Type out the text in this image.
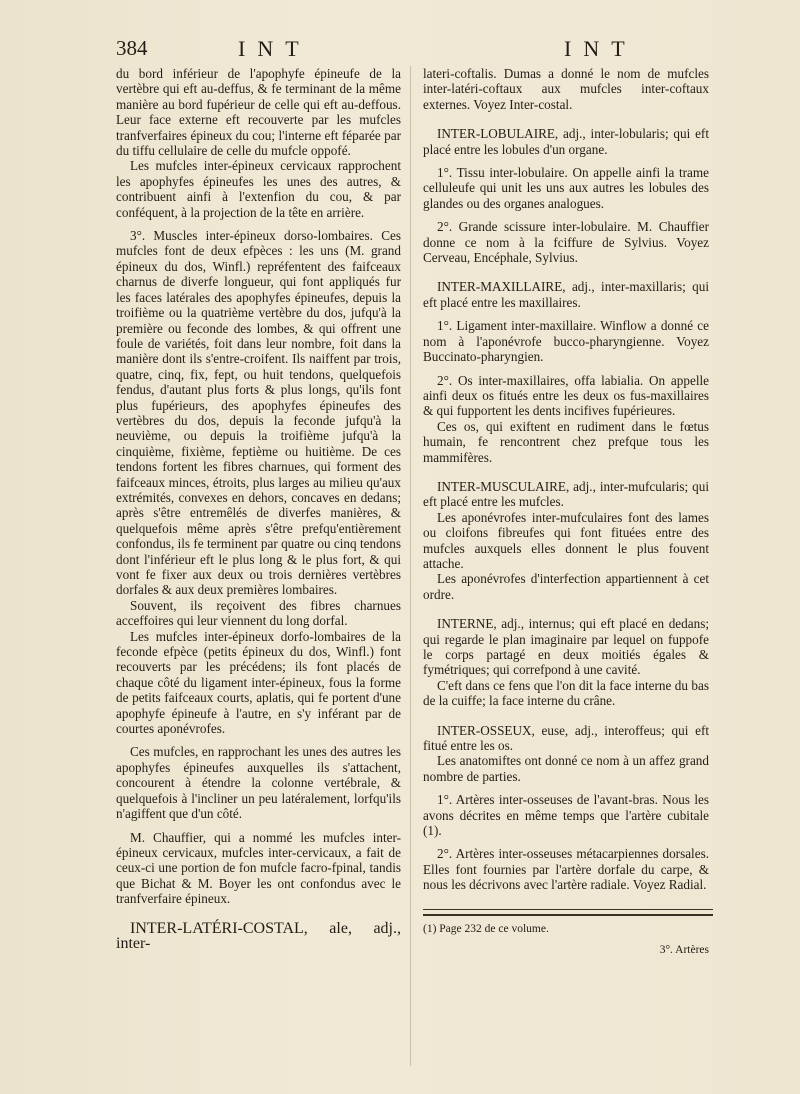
384	INT	INT

du bord inférieur de l'apophyfe épineufe de la vertèbre qui eft au-deffus, & fe terminant de la même manière au bord fupérieur de celle qui eft au-deffous. Leur face externe eft recouverte par les mufcles tranfverfaires épineux du cou; l'interne eft féparée par du tiffu cellulaire de celle du mufcle oppofé.

Les mufcles inter-épineux cervicaux rapprochent les apophyfes épineufes les unes des autres, & contribuent ainfi à l'extenfion du cou, & par conféquent, à la projection de la tête en arrière.

3°. Muscles inter-épineux dorso-lombaires. Ces mufcles font de deux efpèces : les uns (M. grand épineux du dos, Winfl.) repréfentent des faifceaux charnus de diverfe longueur, qui font appliqués fur les faces latérales des apophyfes épineufes, depuis la troifième ou la quatrième vertèbre du dos, jufqu'à la première ou feconde des lombes, & qui offrent une foule de variétés, foit dans leur nombre, foit dans la manière dont ils s'entre-croifent. Ils naiffent par trois, quatre, cinq, fix, fept, ou huit tendons, quelquefois fendus, d'autant plus forts & plus longs, qu'ils font plus fupérieurs, des apophyfes épineufes des vertèbres du dos, depuis la feconde jufqu'à la neuvième, ou depuis la troifième jufqu'à la cinquième, fixième, feptième ou huitième. De ces tendons fortent les fibres charnues, qui forment des faifceaux minces, étroits, plus larges au milieu qu'aux extrémités, convexes en dehors, concaves en dedans; après s'être entremêlés de diverfes manières, & quelquefois même après s'être prefqu'entièrement confondus, ils fe terminent par quatre ou cinq tendons dont l'inférieur eft le plus long & le plus fort, & qui vont fe fixer aux deux ou trois dernières vertèbres dorfales & aux deux premières lombaires.

Souvent, ils reçoivent des fibres charnues acceffoires qui leur viennent du long dorfal.

Les mufcles inter-épineux dorfo-lombaires de la feconde efpèce (petits épineux du dos, Winfl.) font recouverts par les précédens; ils font placés de chaque côté du ligament inter-épineux, fous la forme de petits faifceaux courts, aplatis, qui fe portent d'une apophyfe épineufe à l'autre, en s'y inférant par de courtes aponévrofes.

Ces mufcles, en rapprochant les unes des autres les apophyfes épineufes auxquelles ils s'attachent, concourent à étendre la colonne vertébrale, & quelquefois à l'incliner un peu latéralement, lorfqu'ils n'agiffent que d'un côté.

M. Chauffier, qui a nommé les mufcles inter-épineux cervicaux, mufcles inter-cervicaux, a fait de ceux-ci une portion de fon mufcle facro-fpinal, tandis que Bichat & M. Boyer les ont confondus avec le tranfverfaire épineux.

INTER-LATÉRI-COSTAL, ale, adj., inter-

lateri-coftalis. Dumas a donné le nom de mufcles inter-latéri-coftaux aux mufcles inter-coftaux externes. Voyez Inter-costal.

INTER-LOBULAIRE, adj., inter-lobularis; qui eft placé entre les lobules d'un organe.

1°. Tissu inter-lobulaire. On appelle ainfi la trame celluleufe qui unit les uns aux autres les lobules des glandes ou des organes analogues.

2°. Grande scissure inter-lobulaire. M. Chauffier donne ce nom à la fciffure de Sylvius. Voyez Cerveau, Encéphale, Sylvius.

INTER-MAXILLAIRE, adj., inter-maxillaris; qui eft placé entre les maxillaires.

1°. Ligament inter-maxillaire. Winflow a donné ce nom à l'aponévrofe bucco-pharyngienne. Voyez Buccinato-pharyngien.

2°. Os inter-maxillaires, offa labialia. On appelle ainfi deux os fitués entre les deux os fus-maxillaires & qui fupportent les dents incifives fupérieures.

Ces os, qui exiftent en rudiment dans le fœtus humain, fe rencontrent chez prefque tous les mammifères.

INTER-MUSCULAIRE, adj., inter-mufcularis; qui eft placé entre les mufcles.

Les aponévrofes inter-mufculaires font des lames ou cloifons fibreufes qui font fituées entre des mufcles auxquels elles donnent le plus fouvent attache.

Les aponévrofes d'interfection appartiennent à cet ordre.

INTERNE, adj., internus; qui eft placé en dedans; qui regarde le plan imaginaire par lequel on fuppofe le corps partagé en deux moitiés égales & fymétriques; qui correfpond à une cavité.

C'eft dans ce fens que l'on dit la face interne du bas de la cuiffe; la face interne du crâne.

INTER-OSSEUX, euse, adj., interoffeus; qui eft fitué entre les os.

Les anatomiftes ont donné ce nom à un affez grand nombre de parties.

1°. Artères inter-osseuses de l'avant-bras. Nous les avons décrites en même temps que l'artère cubitale (1).

2°. Artères inter-osseuses métacarpiennes dorsales. Elles font fournies par l'artère dorfale du carpe, & nous les décrivons avec l'artère radiale. Voyez Radial.

(1) Page 232 de ce volume.

3°. Artères
